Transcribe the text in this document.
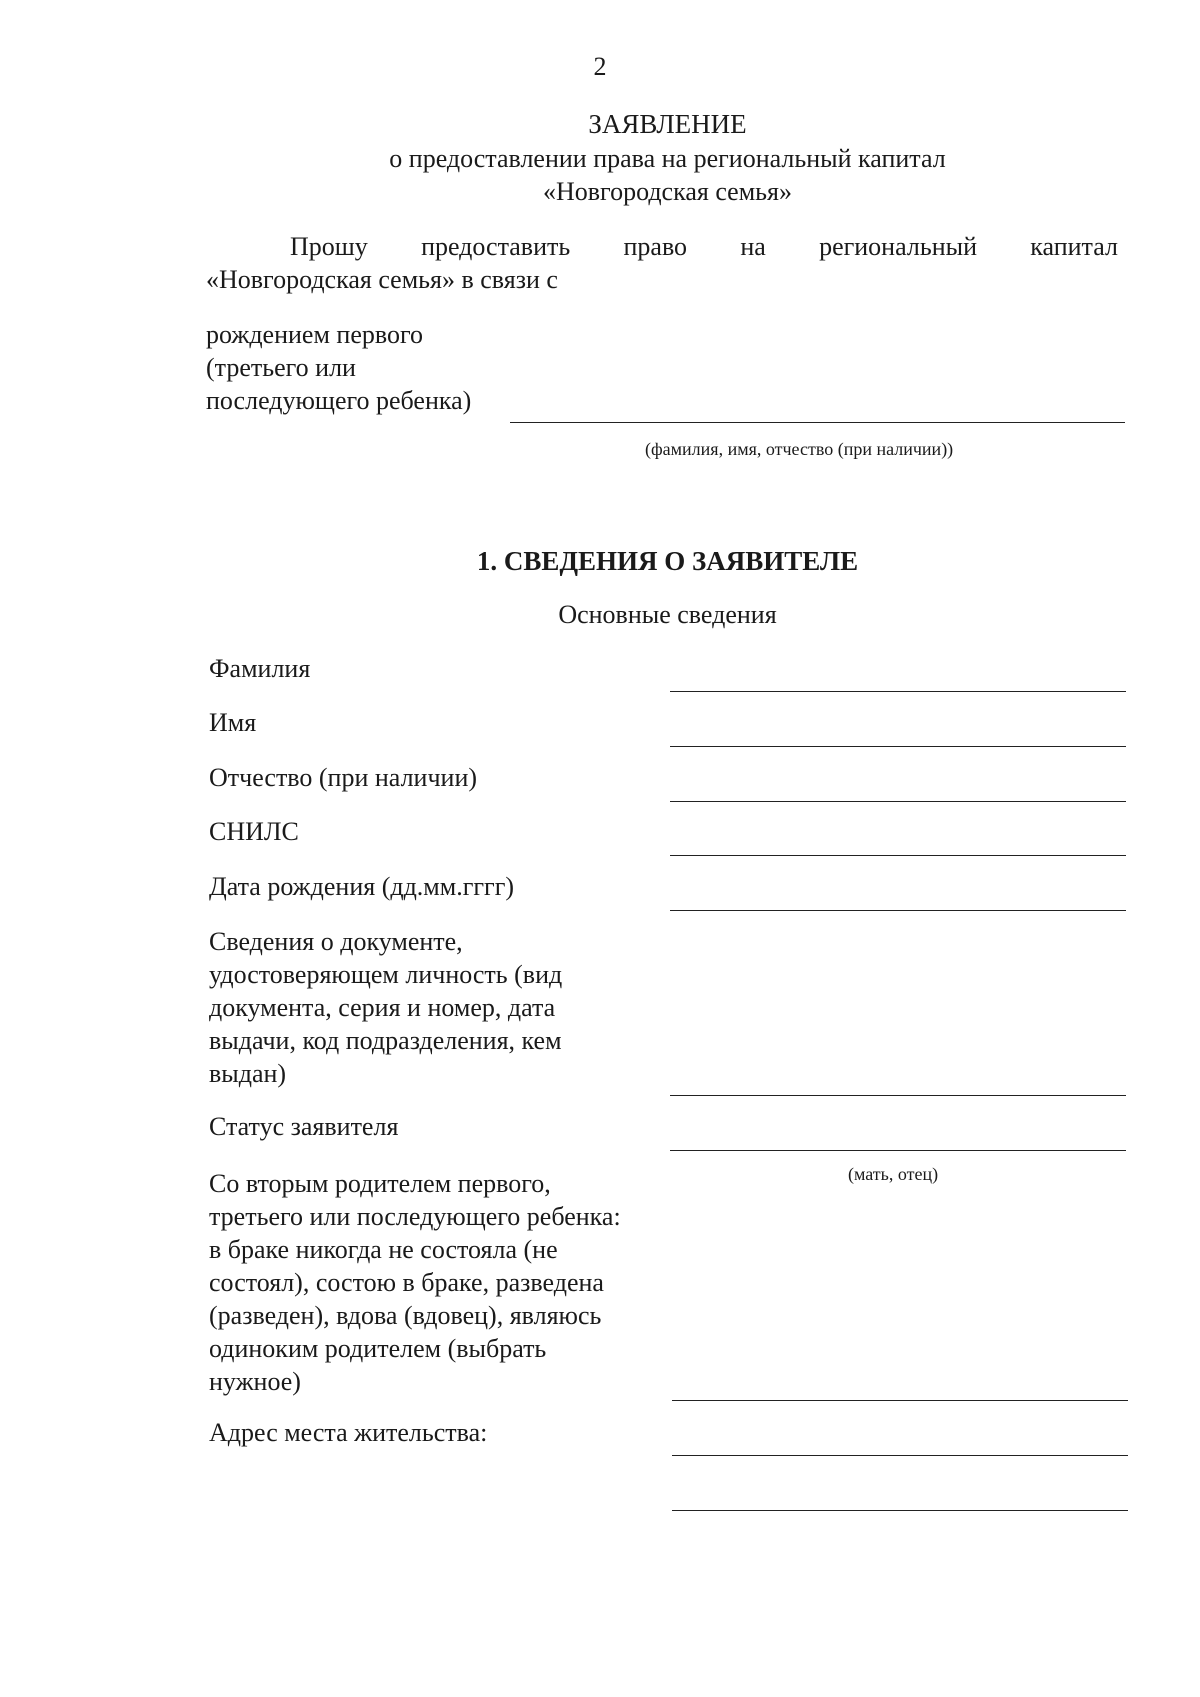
2
ЗАЯВЛЕНИЕ
о предоставлении права на региональный капитал
«Новгородская семья»
Прошу предоставить право на региональный капитал
«Новгородская семья» в связи с
рождением первого
(третьего или
последующего ребенка)
(фамилия, имя, отчество (при наличии))
1. СВЕДЕНИЯ О ЗАЯВИТЕЛЕ
Основные сведения
Фамилия
Имя
Отчество (при наличии)
СНИЛС
Дата рождения (дд.мм.гггг)
Сведения о документе,
удостоверяющем личность (вид
документа, серия и номер, дата
выдачи, код подразделения, кем
выдан)
Статус заявителя
(мать, отец)
Со вторым родителем первого,
третьего или последующего ребенка:
в браке никогда не состояла (не
состоял), состою в браке, разведена
(разведен), вдова (вдовец), являюсь
одиноким родителем (выбрать
нужное)
Адрес места жительства:
